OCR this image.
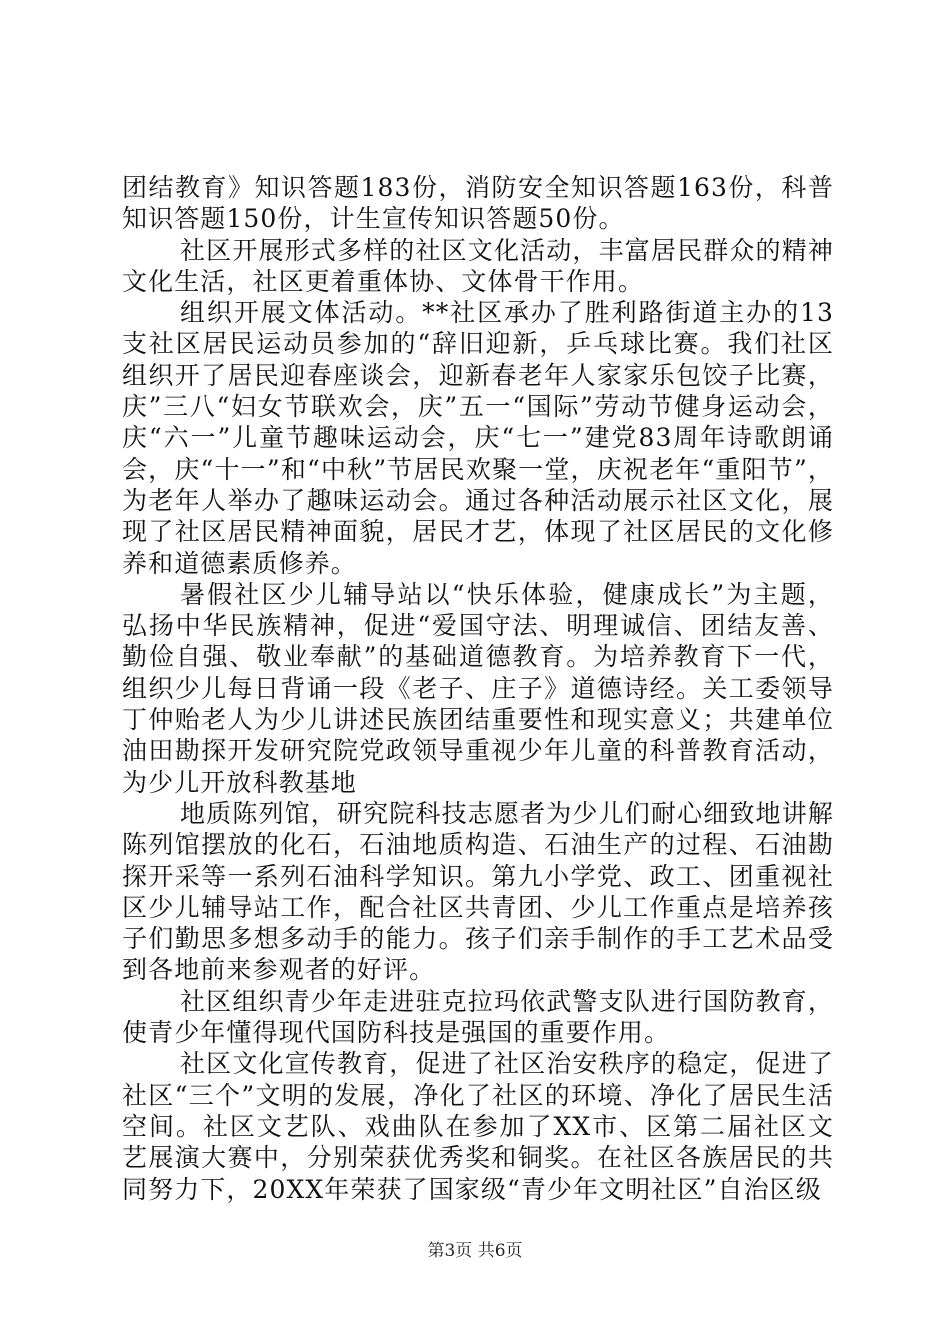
团结教育》知识答题183份，消防安全知识答题163份，科普知识答题150份，计生宣传知识答题50份。

社区开展形式多样的社区文化活动，丰富居民群众的精神文化生活，社区更着重体协、文体骨干作用。

组织开展文体活动。**社区承办了胜利路街道主办的13支社区居民运动员参加的“辞旧迎新，乒乓球比赛。我们社区组织开了居民迎春座谈会，迎新春老年人家家乐包饺子比赛，庆”三八“妇女节联欢会，庆”五一“国际”劳动节健身运动会，庆“六一”儿童节趣味运动会，庆“七一”建党83周年诗歌朗诵会，庆“十一”和“中秋”节居民欢聚一堂，庆祝老年“重阳节”，为老年人举办了趣味运动会。通过各种活动展示社区文化，展现了社区居民精神面貌，居民才艺，体现了社区居民的文化修养和道德素质修养。

暑假社区少儿辅导站以“快乐体验，健康成长”为主题，弘扬中华民族精神，促进“爱国守法、明理诚信、团结友善、勤俭自强、敬业奉献”的基础道德教育。为培养教育下一代，组织少儿每日背诵一段《老子、庄子》道德诗经。关工委领导丁仲贻老人为少儿讲述民族团结重要性和现实意义；共建单位油田勘探开发研究院党政领导重视少年儿童的科普教育活动，为少儿开放科教基地

地质陈列馆，研究院科技志愿者为少儿们耐心细致地讲解陈列馆摆放的化石，石油地质构造、石油生产的过程、石油勘探开采等一系列石油科学知识。第九小学党、政工、团重视社区少儿辅导站工作，配合社区共青团、少儿工作重点是培养孩子们勤思多想多动手的能力。孩子们亲手制作的手工艺术品受到各地前来参观者的好评。

社区组织青少年走进驻克拉玛依武警支队进行国防教育，使青少年懂得现代国防科技是强国的重要作用。

社区文化宣传教育，促进了社区治安秩序的稳定，促进了社区“三个”文明的发展，净化了社区的环境、净化了居民生活空间。社区文艺队、戏曲队在参加了XX市、区第二届社区文艺展演大赛中，分别荣获优秀奖和铜奖。在社区各族居民的共同努力下，20XX年荣获了国家级“青少年文明社区”自治区级

第3页 共6页
